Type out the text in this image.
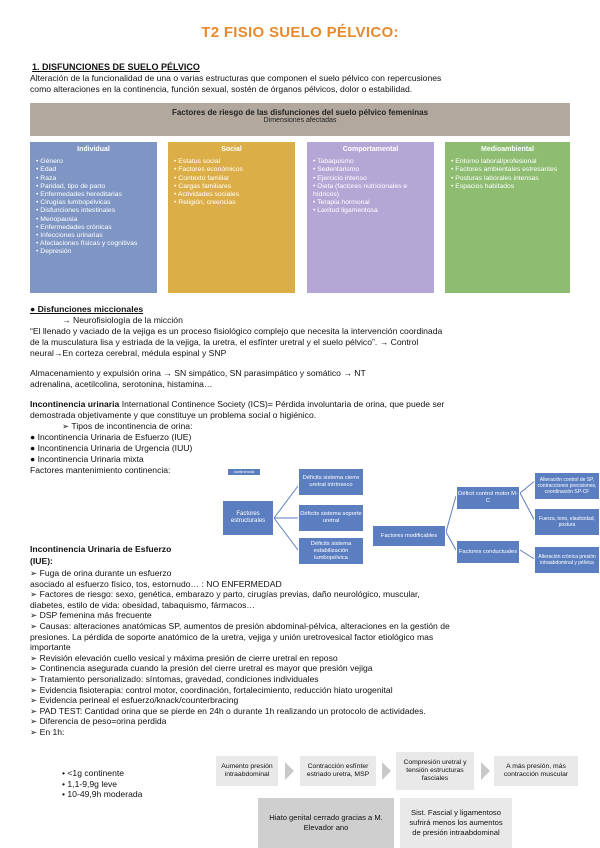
T2 FISIO SUELO PÉLVICO:
1. DISFUNCIONES DE SUELO PÉLVICO
Alteración de la funcionalidad de una o varias estructuras que componen el suelo pélvico con repercusiones
como alteraciones en la continencia, función sexual, sostén de órganos pélvicos, dolor o estabilidad.
Factores de riesgo de las disfunciones del suelo pélvico femeninas
Dimensiones afectadas
Individual
• Género
• Edad
• Raza
• Paridad, tipo de parto
• Enfermedades hereditarias
• Cirugías lumbopélvicas
• Disfunciones intestinales
• Menopausia
• Enfermedades crónicas
• Infecciones urinarias
• Afectaciones físicas y cognitivas
• Depresión
Social
• Estatus social
• Factores económicos
• Contexto familiar
• Cargas familiares
• Actividades sociales
• Religión, creencias
Comportamental
• Tabaquismo
• Sedentarismo
• Ejercicio intenso
• Dieta (factores nutricionales e hídricos)
• Terapia hormonal
• Laxitud ligamentosa
Medioambiental
• Entorno laboral/profesional
• Factores ambientales estresantes
• Posturas laborales intensas
• Espacios habitados
● Disfunciones miccionales
→ Neurofisiología de la micción
“El llenado y vaciado de la vejiga es un proceso fisiológico complejo que necesita la intervención coordinada
de la musculatura lisa y estriada de la vejiga, la uretra, el esfínter uretral y el suelo pélvico”. → Control
neural→En corteza cerebral, médula espinal y SNP
Almacenamiento y expulsión orina → SN simpático, SN parasimpático y somático → NT
adrenalina, acetilcolina, serotonina, histamina…
Incontinencia urinaria International Continence Society (ICS)= Pérdida involuntaria de orina, que puede ser
demostrada objetivamente y que constituye un problema social o higiénico.
➢ Tipos de incontinencia de orina:
● Incontinencia Urinaria de Esfuerzo (IUE)
● Incontinencia Urinaria de Urgencia (IUU)
● Incontinencia Urinaria mixta
Factores mantenimiento continencia:	continencia
Factores estructurales
Déficits sistema cierre uretral intrínseco
Déficits sistema soporte uretral
Déficits sistema estabilización lumbopélvica
Factores modificables
Déficit control motor M-C
Factores conductuales
Alteración control de SP, contracciones precisiones, coordinación SP-CF
Fuerza, tono, elasticidad, postura
Alteración crónica presión intraabdominal y pélvica
Incontinencia Urinaria de Esfuerzo
(IUE):
➢ Fuga de orina durante un esfuerzo
asociado al esfuerzo físico, tos, estornudo… : NO ENFERMEDAD
➢ Factores de riesgo: sexo, genética, embarazo y parto, cirugías previas, daño neurológico, muscular,
diabetes, estilo de vida: obesidad, tabaquismo, fármacos…
➢ DSP femenina más frecuente
➢ Causas: alteraciones anatómicas SP, aumentos de presión abdominal-pélvica, alteraciones en la gestión de
presiones. La pérdida de soporte anatómico de la uretra, vejiga y unión uretrovesical factor etiológico mas
importante
➢ Revisión elevación cuello vesical y máxima presión de cierre uretral en reposo
➢ Continencia asegurada cuando la presión del cierre uretral es mayor que presión vejiga
➢ Tratamiento personalizado: síntomas, gravedad, condiciones individuales
➢ Evidencia fisioterapia: control motor, coordinación, fortalecimiento, reducción hiato urogenital
➢ Evidencia perineal el esfuerzo/knack/counterbracing
➢ PAD TEST: Cantidad orina que se pierde en 24h o durante 1h realizando un protocolo de actividades.
➢ Diferencia de peso=orina perdida
➢ En 1h:
• <1g continente
• 1,1-9,9g leve
• 10-49,9h moderada
Aumento presión intraabdominal
Contracción esfínter estriado uretra, MSP
Compresión uretral y tensión estructuras fasciales
A más presión, más contracción muscular
Hiato genital cerrado gracias a M. Elevador ano
Sist. Fascial y ligamentoso sufrirá menos los aumentos de presión intraabdominal
